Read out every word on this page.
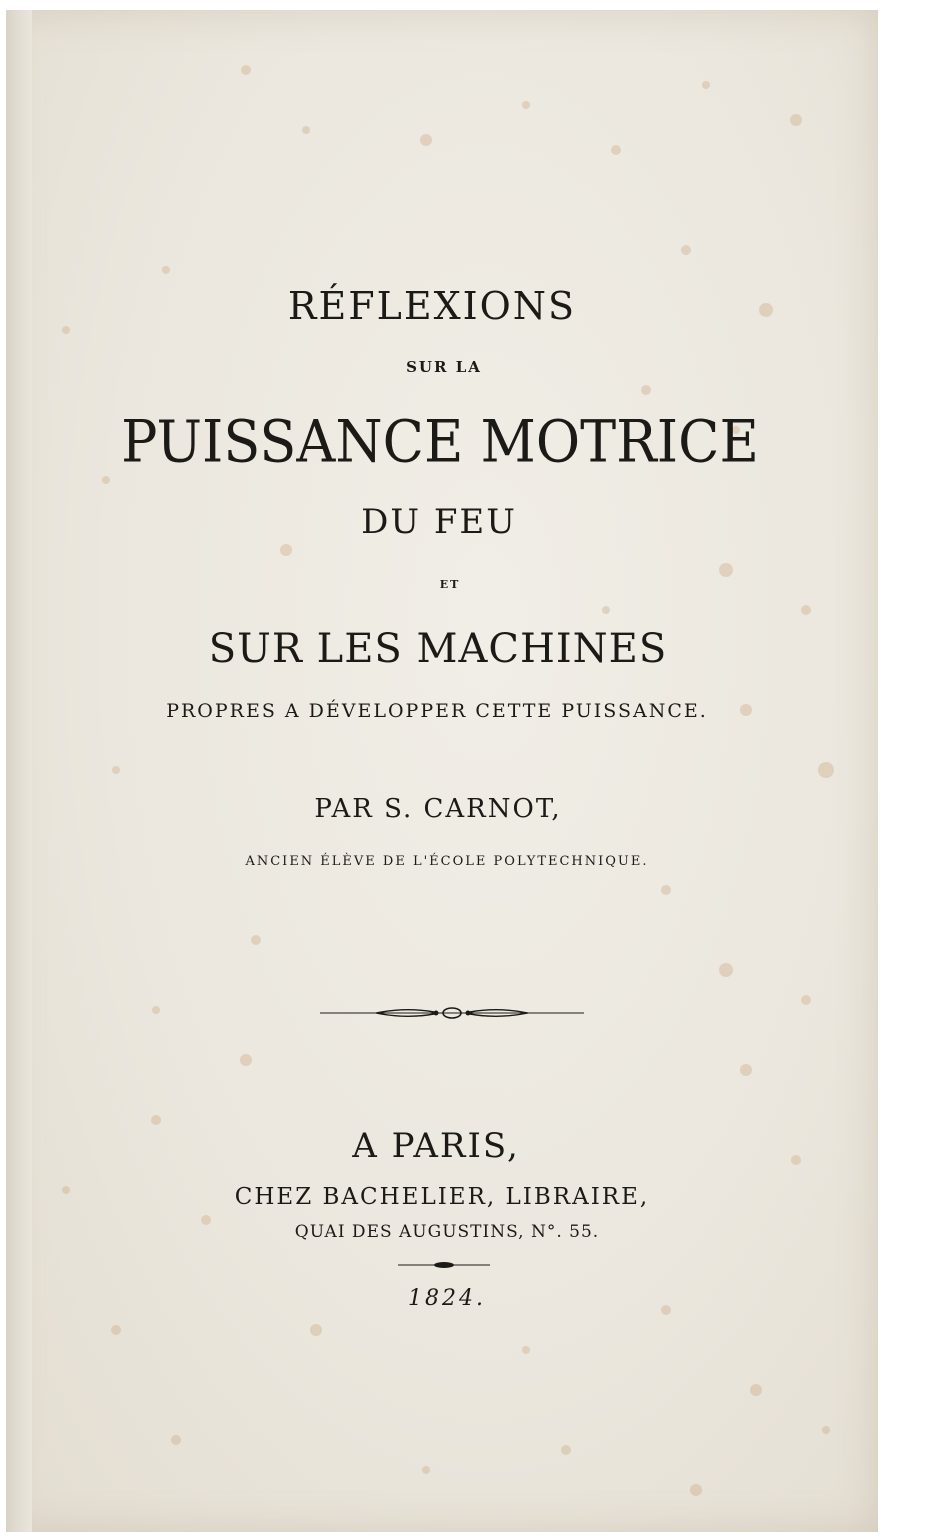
RÉFLEXIONS
SUR LA
PUISSANCE MOTRICE
DU FEU
ET
SUR LES MACHINES
PROPRES A DÉVELOPPER CETTE PUISSANCE.
PAR S. CARNOT,
ANCIEN ÉLÈVE DE L'ÉCOLE POLYTECHNIQUE.
A PARIS,
CHEZ BACHELIER, LIBRAIRE,
QUAI DES AUGUSTINS, N°. 55.
1824.
